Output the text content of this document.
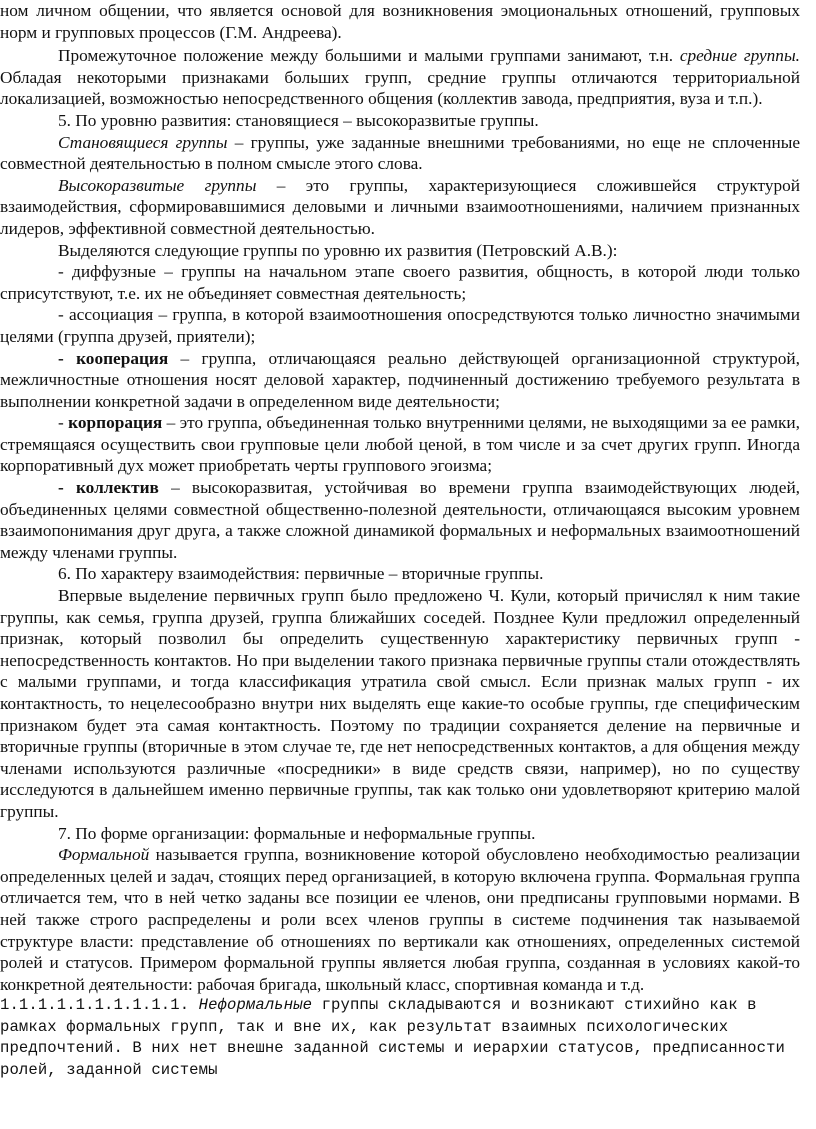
ном личном общении, что является основой для возникновения эмоциональных отношений, групповых норм и групповых процессов (Г.М. Андреева).

Промежуточное положение между большими и малыми группами занимают, т.н. средние группы. Обладая некоторыми признаками больших групп, средние группы отличаются территориальной локализацией, возможностью непосредственного общения (коллектив завода, предприятия, вуза и т.п.).

5. По уровню развития: становящиеся – высокоразвитые группы.

Становящиеся группы – группы, уже заданные внешними требованиями, но еще не сплоченные совместной деятельностью в полном смысле этого слова.

Высокоразвитые группы – это группы, характеризующиеся сложившейся структурой взаимодействия, сформировавшимися деловыми и личными взаимоотношениями, наличием признанных лидеров, эффективной совместной деятельностью.

Выделяются следующие группы по уровню их развития (Петровский А.В.):

- диффузные – группы на начальном этапе своего развития, общность, в которой люди только сприсутствуют, т.е. их не объединяет совместная деятельность;

- ассоциация – группа, в которой взаимоотношения опосредствуются только личностно значимыми целями (группа друзей, приятели);

- кооперация – группа, отличающаяся реально действующей организационной структурой, межличностные отношения носят деловой характер, подчиненный достижению требуемого результата в выполнении конкретной задачи в определенном виде деятельности;

- корпорация – это группа, объединенная только внутренними целями, не выходящими за ее рамки, стремящаяся осуществить свои групповые цели любой ценой, в том числе и за счет других групп. Иногда корпоративный дух может приобретать черты группового эгоизма;

- коллектив – высокоразвитая, устойчивая во времени группа взаимодействующих людей, объединенных целями совместной общественно-полезной деятельности, отличающаяся высоким уровнем взаимопонимания друг друга, а также сложной динамикой формальных и неформальных взаимоотношений между членами группы.

6. По характеру взаимодействия: первичные – вторичные группы.

Впервые выделение первичных групп было предложено Ч. Кули, который причислял к ним такие группы, как семья, группа друзей, группа ближайших соседей. Позднее Кули предложил определенный признак, который позволил бы определить существенную характеристику первичных групп - непосредственность контактов. Но при выделении такого признака первичные группы стали отождествлять с малыми группами, и тогда классификация утратила свой смысл. Если признак малых групп - их контактность, то нецелесообразно внутри них выделять еще какие-то особые группы, где специфическим признаком будет эта самая контактность. Поэтому по традиции сохраняется деление на первичные и вторичные группы (вторичные в этом случае те, где нет непосредственных контактов, а для общения между членами используются различные «посредники» в виде средств связи, например), но по существу исследуются в дальнейшем именно первичные группы, так как только они удовлетворяют критерию малой группы.

7. По форме организации: формальные и неформальные группы.

Формальной называется группа, возникновение которой обусловлено необходимостью реализации определенных целей и задач, стоящих перед организацией, в которую включена группа. Формальная группа отличается тем, что в ней четко заданы все позиции ее членов, они предписаны групповыми нормами. В ней также строго распределены и роли всех членов группы в системе подчинения так называемой структуре власти: представление об отношениях по вертикали как отношениях, определенных системой ролей и статусов. Примером формальной группы является любая группа, созданная в условиях какой-то конкретной деятельности: рабочая бригада, школьный класс, спортивная команда и т.д.

1.1.1.1.1.1.1.1.1.1. Неформальные группы складываются и возникают стихийно как в рамках формальных групп, так и вне их, как результат взаимных психологических предпочтений. В них нет внешне заданной системы и иерархии статусов, предписанности ролей, заданной системы
